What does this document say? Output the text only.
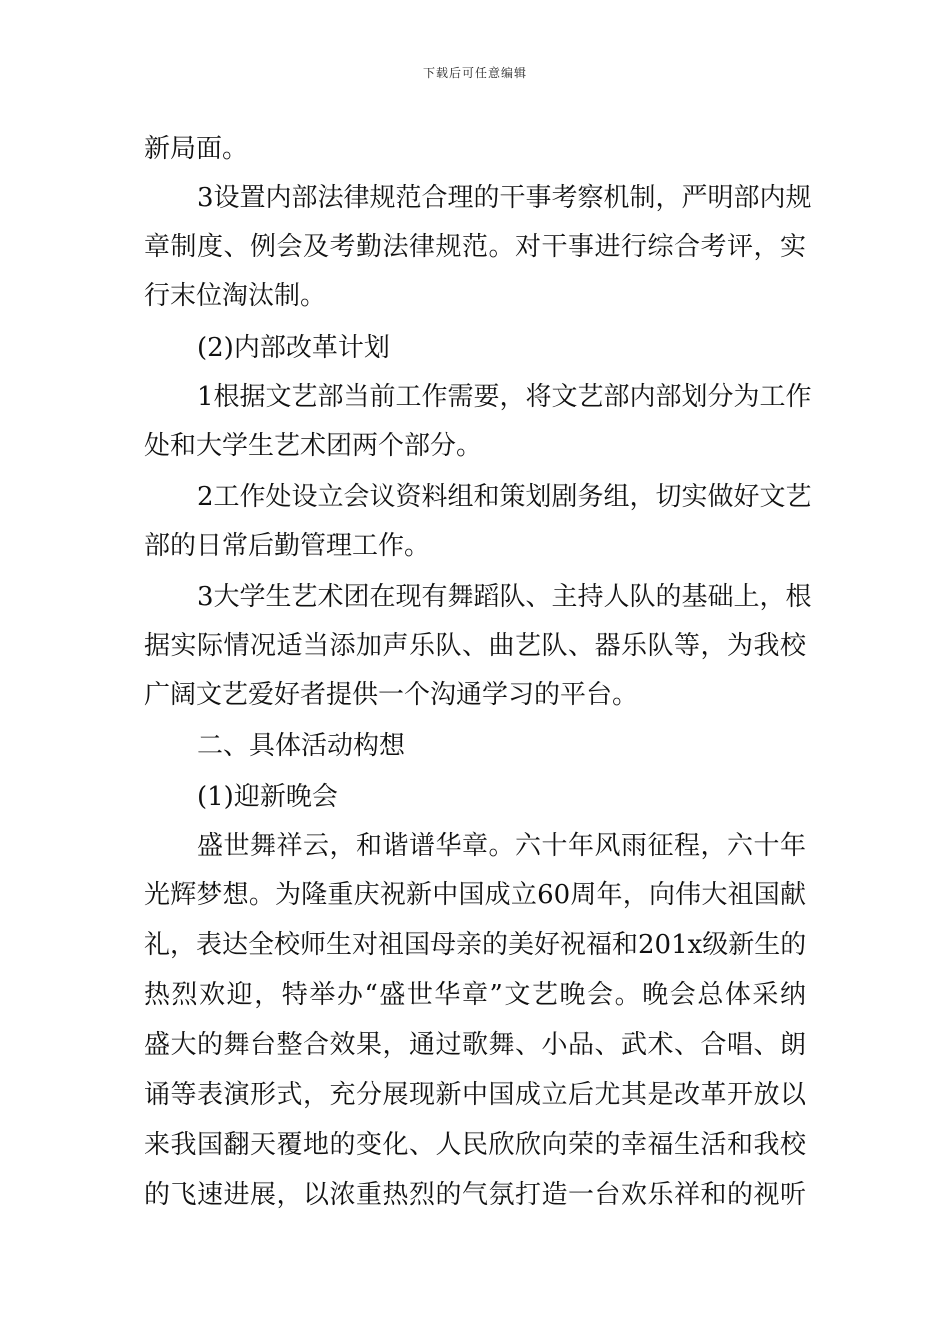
下载后可任意编辑
新局面。
3设置内部法律规范合理的干事考察机制，严明部内规
章制度、例会及考勤法律规范。对干事进行综合考评，实
行末位淘汰制。
(2)内部改革计划
1根据文艺部当前工作需要，将文艺部内部划分为工作
处和大学生艺术团两个部分。
2工作处设立会议资料组和策划剧务组，切实做好文艺
部的日常后勤管理工作。
3大学生艺术团在现有舞蹈队、主持人队的基础上，根
据实际情况适当添加声乐队、曲艺队、器乐队等，为我校
广阔文艺爱好者提供一个沟通学习的平台。
二、具体活动构想
(1)迎新晚会
盛世舞祥云，和谐谱华章。六十年风雨征程，六十年
光辉梦想。为隆重庆祝新中国成立60周年，向伟大祖国献
礼，表达全校师生对祖国母亲的美好祝福和201x级新生的
热烈欢迎，特举办“盛世华章”文艺晚会。晚会总体采纳
盛大的舞台整合效果，通过歌舞、小品、武术、合唱、朗
诵等表演形式，充分展现新中国成立后尤其是改革开放以
来我国翻天覆地的变化、人民欣欣向荣的幸福生活和我校
的飞速进展，以浓重热烈的气氛打造一台欢乐祥和的视听
